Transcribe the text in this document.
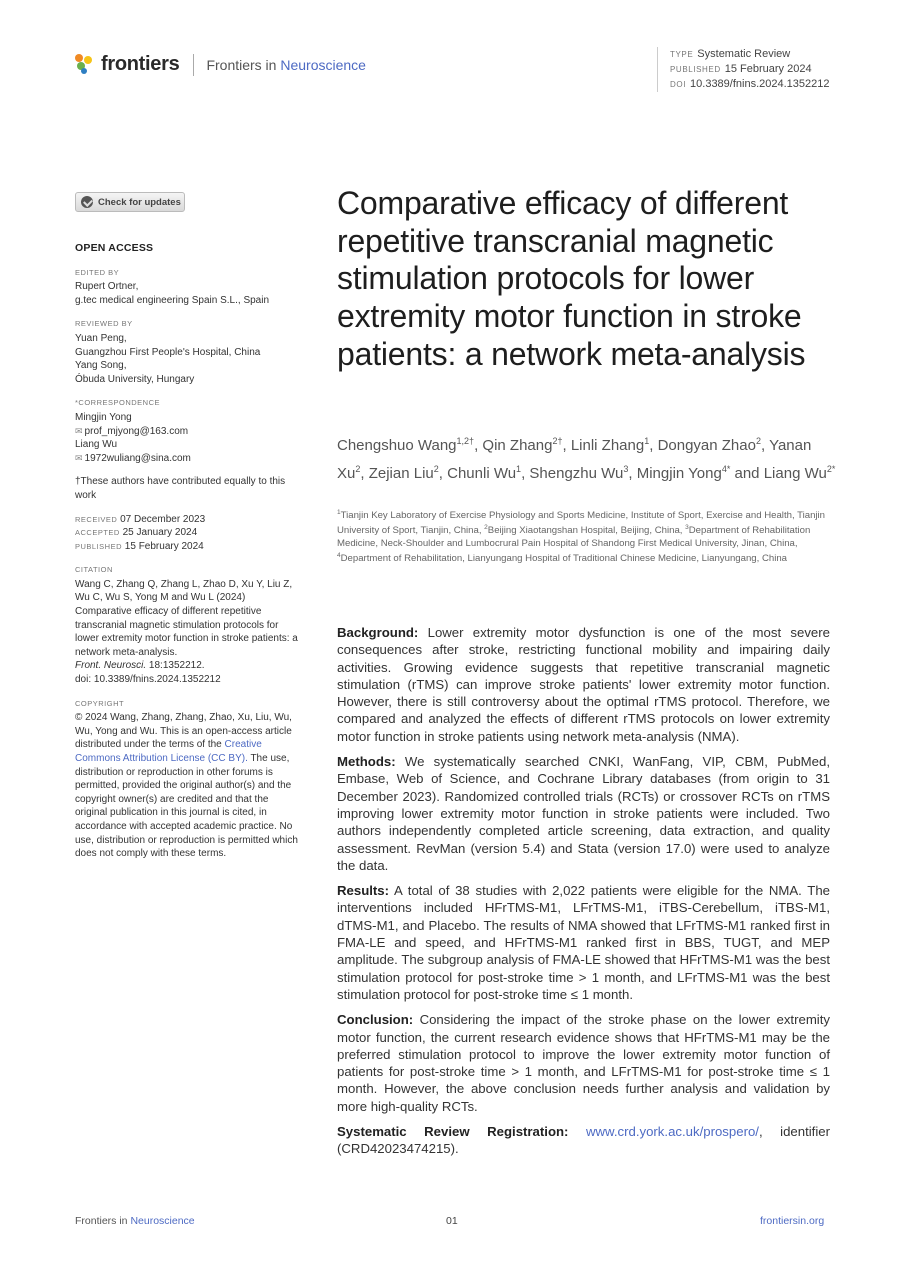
frontiers Frontiers in Neuroscience
TYPE Systematic Review
PUBLISHED 15 February 2024
DOI 10.3389/fnins.2024.1352212
Check for updates
OPEN ACCESS
EDITED BY
Rupert Ortner,
g.tec medical engineering Spain S.L., Spain
REVIEWED BY
Yuan Peng,
Guangzhou First People's Hospital, China
Yang Song,
Óbuda University, Hungary
*CORRESPONDENCE
Mingjin Yong
✉ prof_mjyong@163.com
Liang Wu
✉ 1972wuliang@sina.com
†These authors have contributed equally to this work
RECEIVED 07 December 2023
ACCEPTED 25 January 2024
PUBLISHED 15 February 2024
CITATION
Wang C, Zhang Q, Zhang L, Zhao D, Xu Y, Liu Z, Wu C, Wu S, Yong M and Wu L (2024) Comparative efficacy of different repetitive transcranial magnetic stimulation protocols for lower extremity motor function in stroke patients: a network meta-analysis.
Front. Neurosci. 18:1352212.
doi: 10.3389/fnins.2024.1352212
COPYRIGHT
© 2024 Wang, Zhang, Zhang, Zhao, Xu, Liu, Wu, Wu, Yong and Wu. This is an open-access article distributed under the terms of the Creative Commons Attribution License (CC BY). The use, distribution or reproduction in other forums is permitted, provided the original author(s) and the copyright owner(s) are credited and that the original publication in this journal is cited, in accordance with accepted academic practice. No use, distribution or reproduction is permitted which does not comply with these terms.
Comparative efficacy of different repetitive transcranial magnetic stimulation protocols for lower extremity motor function in stroke patients: a network meta-analysis
Chengshuo Wang$^{1,2\dagger}$, Qin Zhang$^{2\dagger}$, Linli Zhang$^1$, Dongyan Zhao$^2$, Yanan Xu$^2$, Zejian Liu$^2$, Chunli Wu$^1$, Shengzhu Wu$^3$, Mingjin Yong$^{4*}$ and Liang $Wu^{2*}$
$^1$Tianjin Key Laboratory of Exercise Physiology and Sports Medicine, Institute of Sport, Exercise and Health, Tianjin University of Sport, Tianjin, China, $^2$Beijing Xiaotangshan Hospital, Beijing, China, $^3$Department of Rehabilitation Medicine, Neck-Shoulder and Lumbocrural Pain Hospital of Shandong First Medical University, Jinan, China, $^4$Department of Rehabilitation, Lianyungang Hospital of Traditional Chinese Medicine, Lianyungang, China

Background: Lower extremity motor dysfunction is one of the most severe consequences after stroke, restricting functional mobility and impairing daily activities. Growing evidence suggests that repetitive transcranial magnetic stimulation (rTMS) can improve stroke patients' lower extremity motor function. However, there is still controversy about the optimal rTMS protocol. Therefore, we compared and analyzed the effects of different rTMS protocols on lower extremity motor function in stroke patients using network meta-analysis (NMA).

Methods: We systematically searched CNKI, WanFang, VIP, CBM, PubMed, Embase, Web of Science, and Cochrane Library databases (from origin to 31 December 2023). Randomized controlled trials (RCTs) or crossover RCTs on rTMS improving lower extremity motor function in stroke patients were included. Two authors independently completed article screening, data extraction, and quality assessment. RevMan (version 5.4) and Stata (version 17.0) were used to analyze the data.

Results: A total of 38 studies with 2,022 patients were eligible for the NMA. The interventions included HFrTMS-M1, LFrTMS-M1, iTBS-Cerebellum, iTBS-M1, dTMS-M1, and Placebo. The results of NMA showed that LFrTMS-M1 ranked first in FMA-LE and speed, and HFrTMS-M1 ranked first in BBS, TUGT, and MEP amplitude. The subgroup analysis of FMA-LE showed that HFrTMS-M1 was the best stimulation protocol for post-stroke time > 1 month, and LFrTMS-M1 was the best stimulation protocol for post-stroke time ≤ 1 month.

Conclusion: Considering the impact of the stroke phase on the lower extremity motor function, the current research evidence shows that HFrTMS-M1 may be the preferred stimulation protocol to improve the lower extremity motor function of patients for post-stroke time > 1 month, and LFrTMS-M1 for post-stroke time ≤ 1 month. However, the above conclusion needs further analysis and validation by more high-quality RCTs.

Systematic Review Registration: www.crd.york.ac.uk/prospero/, identifier (CRD42023474215).

Frontiers in Neuroscience	01	frontiersin.org
